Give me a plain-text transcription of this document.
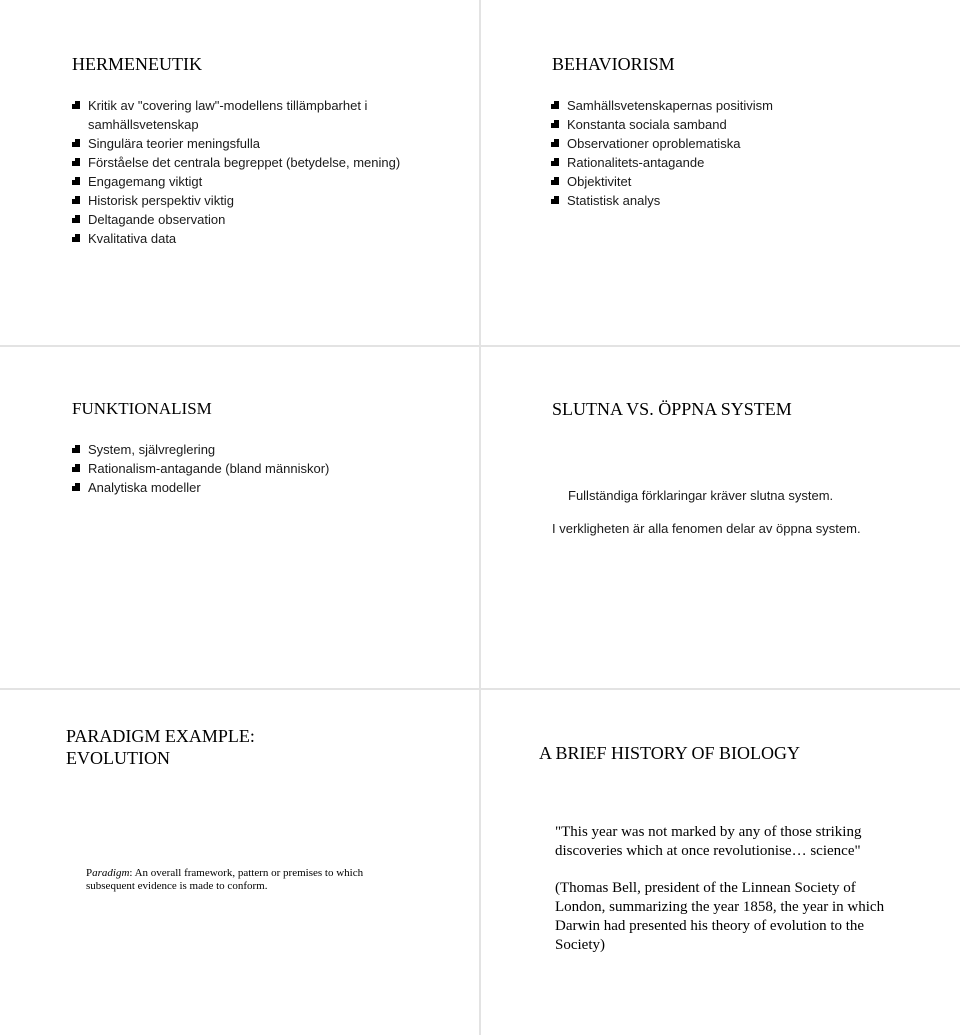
HERMENEUTIK
Kritik av "covering law"-modellens tillämpbarhet i samhällsvetenskap
Singulära teorier meningsfulla
Förståelse det centrala begreppet (betydelse, mening)
Engagemang viktigt
Historisk perspektiv viktig
Deltagande observation
Kvalitativa data
BEHAVIORISM
Samhällsvetenskapernas positivism
Konstanta sociala samband
Observationer oproblematiska
Rationalitets-antagande
Objektivitet
Statistisk analys
FUNKTIONALISM
System, självreglering
Rationalism-antagande (bland människor)
Analytiska modeller
SLUTNA VS. ÖPPNA SYSTEM

Fullständiga förklaringar kräver slutna system.

I verkligheten är alla fenomen delar av öppna system.

PARADIGM EXAMPLE:
EVOLUTION

Paradigm: An overall framework, pattern or premises to which subsequent evidence is made to conform.

A BRIEF HISTORY OF BIOLOGY

"This year was not marked by any of those striking discoveries which at once revolutionise… science"

(Thomas Bell, president of the Linnean Society of London, summarizing the year 1858, the year in which Darwin had presented his theory of evolution to the Society)
